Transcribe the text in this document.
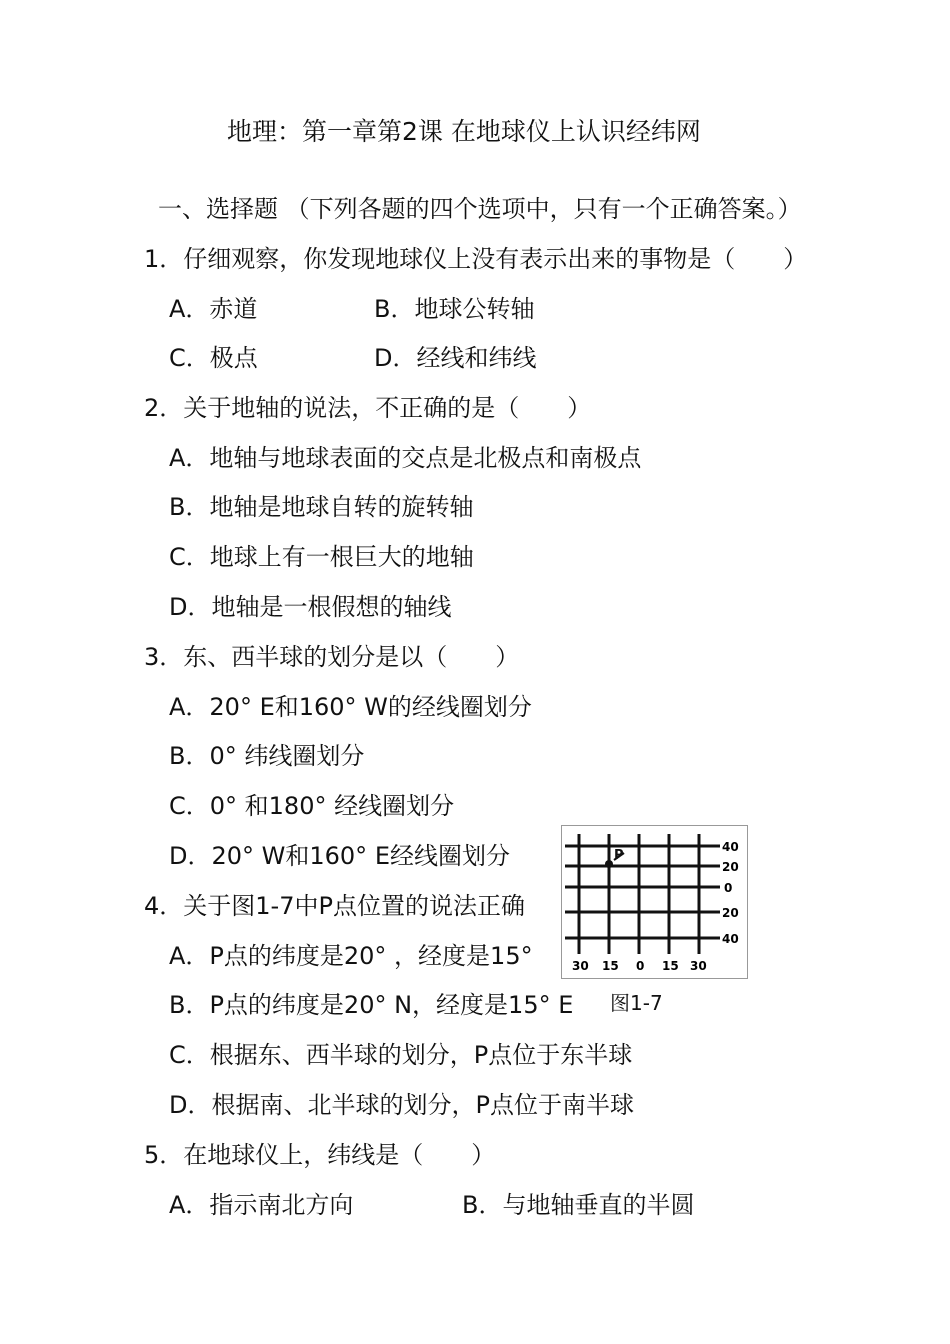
地理：第一章第2课 在地球仪上认识经纬网
一、选择题 （下列各题的四个选项中，只有一个正确答案。）
1．仔细观察，你发现地球仪上没有表示出来的事物是（　　）
A．赤道	B．地球公转轴
C．极点	D．经线和纬线
2．关于地轴的说法，不正确的是（　　）
A．地轴与地球表面的交点是北极点和南极点
B．地轴是地球自转的旋转轴
C．地球上有一根巨大的地轴
D．地轴是一根假想的轴线
3．东、西半球的划分是以（　　）
A．20° E和160° W的经线圈划分
B．0° 纬线圈划分
C．0° 和180° 经线圈划分
D．20° W和160° E经线圈划分
4．关于图1-7中P点位置的说法正确
A．P点的纬度是20° ，经度是15°
B．P点的纬度是20° N，经度是15° E
C．根据东、西半球的划分，P点位于东半球
D．根据南、北半球的划分，P点位于南半球
5．在地球仪上，纬线是（　　）
A．指示南北方向	B．与地轴垂直的半圆
P
40
20
0
20
40
30 15 0 15 30
图1-7
